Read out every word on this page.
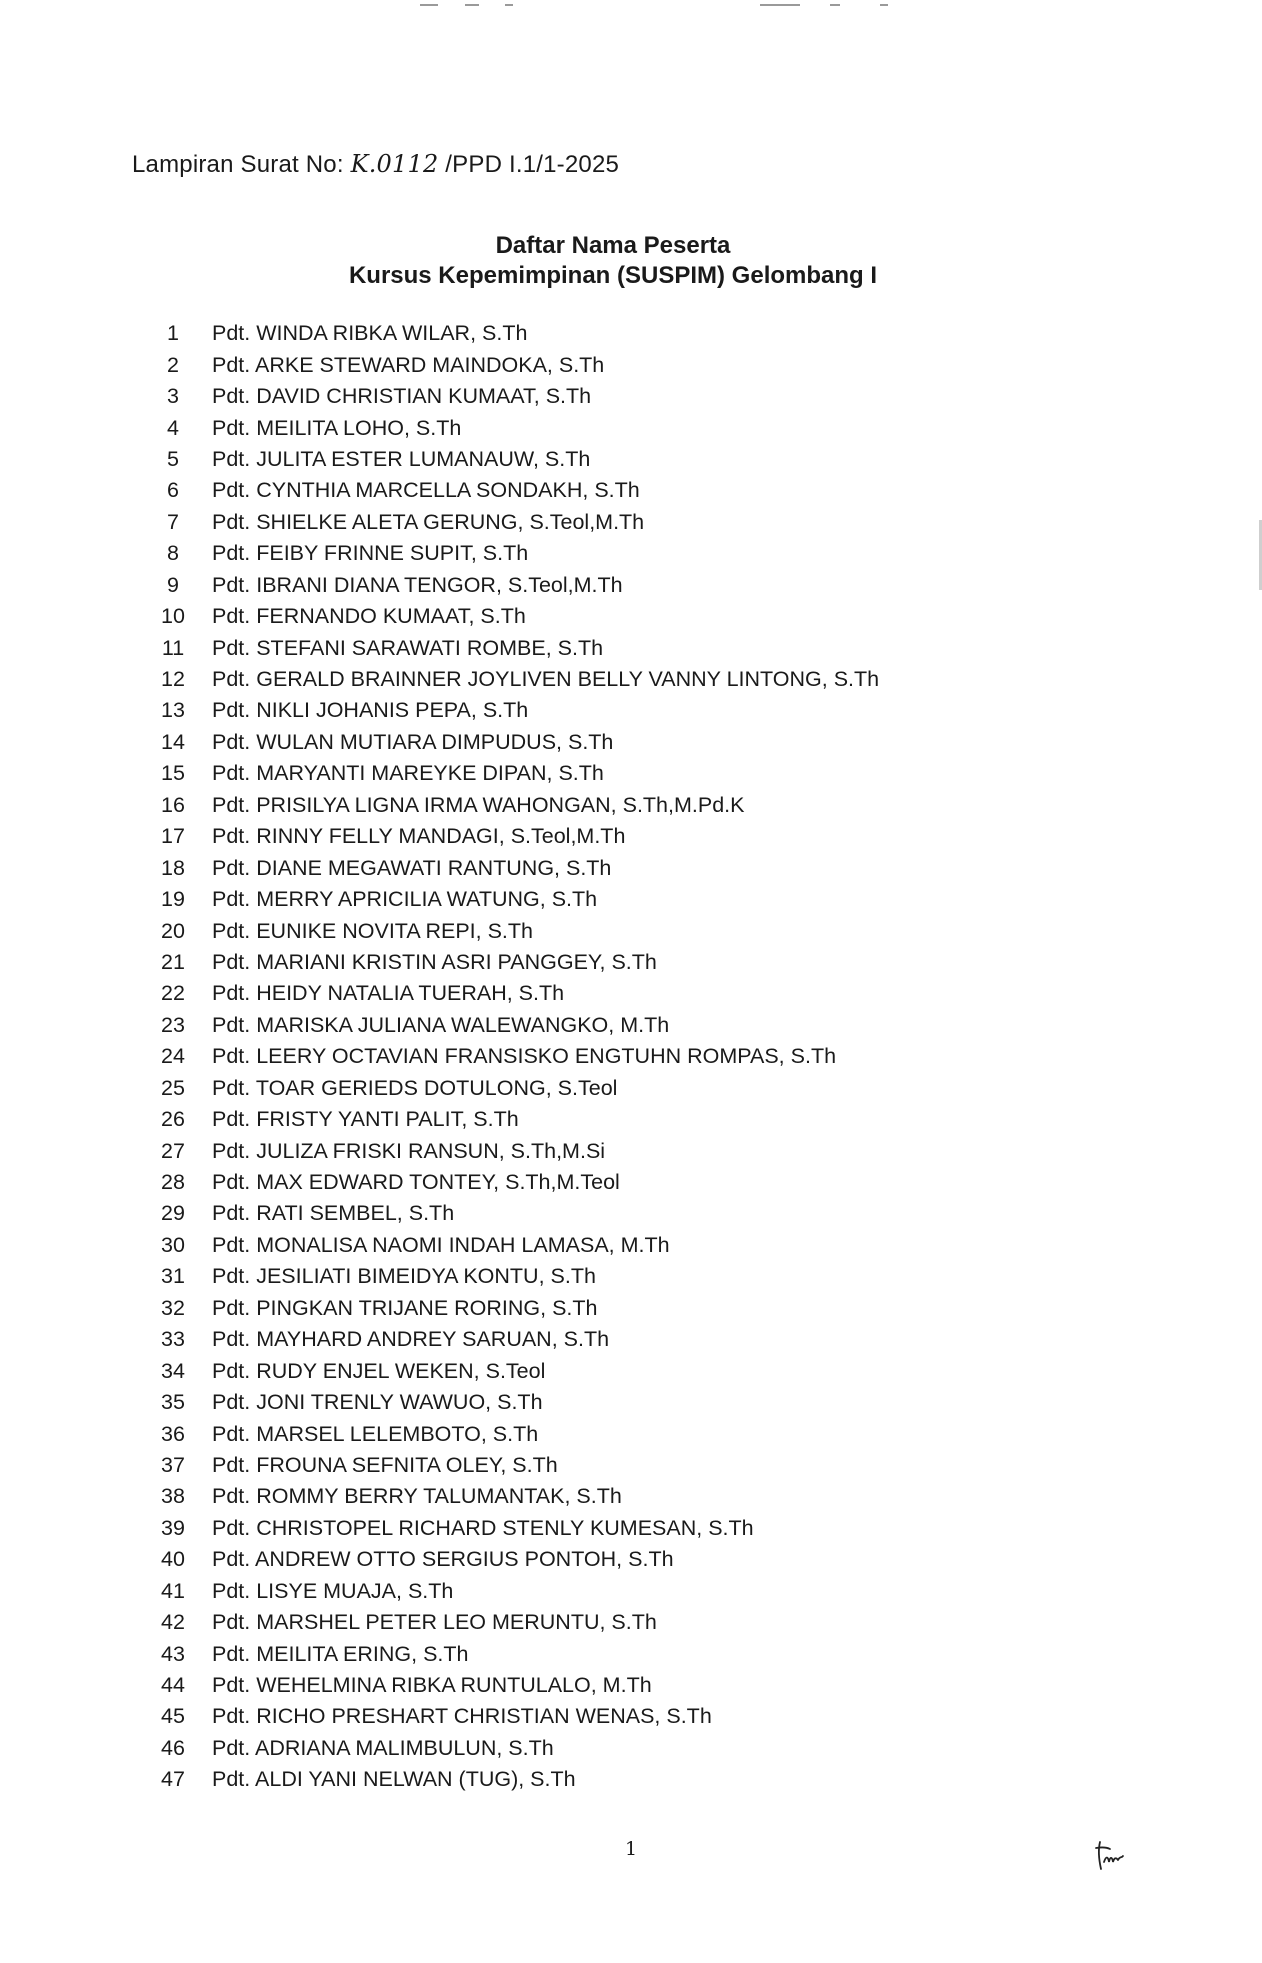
Lampiran Surat No: K.0112 /PPD I.1/1-2025
Daftar Nama Peserta
Kursus Kepemimpinan (SUSPIM) Gelombang I
1	Pdt. WINDA RIBKA WILAR, S.Th
2	Pdt. ARKE STEWARD MAINDOKA, S.Th
3	Pdt. DAVID CHRISTIAN KUMAAT, S.Th
4	Pdt. MEILITA LOHO, S.Th
5	Pdt. JULITA ESTER LUMANAUW, S.Th
6	Pdt. CYNTHIA MARCELLA SONDAKH, S.Th
7	Pdt. SHIELKE ALETA GERUNG, S.Teol,M.Th
8	Pdt. FEIBY FRINNE SUPIT, S.Th
9	Pdt. IBRANI DIANA TENGOR, S.Teol,M.Th
10	Pdt. FERNANDO KUMAAT, S.Th
11	Pdt. STEFANI SARAWATI ROMBE, S.Th
12	Pdt. GERALD BRAINNER JOYLIVEN BELLY VANNY LINTONG, S.Th
13	Pdt. NIKLI JOHANIS PEPA, S.Th
14	Pdt. WULAN MUTIARA DIMPUDUS, S.Th
15	Pdt. MARYANTI MAREYKE DIPAN, S.Th
16	Pdt. PRISILYA LIGNA IRMA WAHONGAN, S.Th,M.Pd.K
17	Pdt. RINNY FELLY MANDAGI, S.Teol,M.Th
18	Pdt. DIANE MEGAWATI RANTUNG, S.Th
19	Pdt. MERRY APRICILIA WATUNG, S.Th
20	Pdt. EUNIKE NOVITA REPI, S.Th
21	Pdt. MARIANI KRISTIN ASRI PANGGEY, S.Th
22	Pdt. HEIDY NATALIA TUERAH, S.Th
23	Pdt. MARISKA JULIANA WALEWANGKO, M.Th
24	Pdt. LEERY OCTAVIAN FRANSISKO ENGTUHN ROMPAS, S.Th
25	Pdt. TOAR GERIEDS DOTULONG, S.Teol
26	Pdt. FRISTY YANTI PALIT, S.Th
27	Pdt. JULIZA FRISKI RANSUN, S.Th,M.Si
28	Pdt. MAX EDWARD TONTEY, S.Th,M.Teol
29	Pdt. RATI SEMBEL, S.Th
30	Pdt. MONALISA NAOMI INDAH LAMASA, M.Th
31	Pdt. JESILIATI BIMEIDYA KONTU, S.Th
32	Pdt. PINGKAN TRIJANE RORING, S.Th
33	Pdt. MAYHARD ANDREY SARUAN, S.Th
34	Pdt. RUDY ENJEL WEKEN, S.Teol
35	Pdt. JONI TRENLY WAWUO, S.Th
36	Pdt. MARSEL LELEMBOTO, S.Th
37	Pdt. FROUNA SEFNITA OLEY, S.Th
38	Pdt. ROMMY BERRY TALUMANTAK, S.Th
39	Pdt. CHRISTOPEL RICHARD STENLY KUMESAN, S.Th
40	Pdt. ANDREW OTTO SERGIUS PONTOH, S.Th
41	Pdt. LISYE MUAJA, S.Th
42	Pdt. MARSHEL PETER LEO MERUNTU, S.Th
43	Pdt. MEILITA ERING, S.Th
44	Pdt. WEHELMINA RIBKA RUNTULALO, M.Th
45	Pdt. RICHO PRESHART CHRISTIAN WENAS, S.Th
46	Pdt. ADRIANA MALIMBULUN, S.Th
47	Pdt. ALDI YANI NELWAN (TUG), S.Th
1
